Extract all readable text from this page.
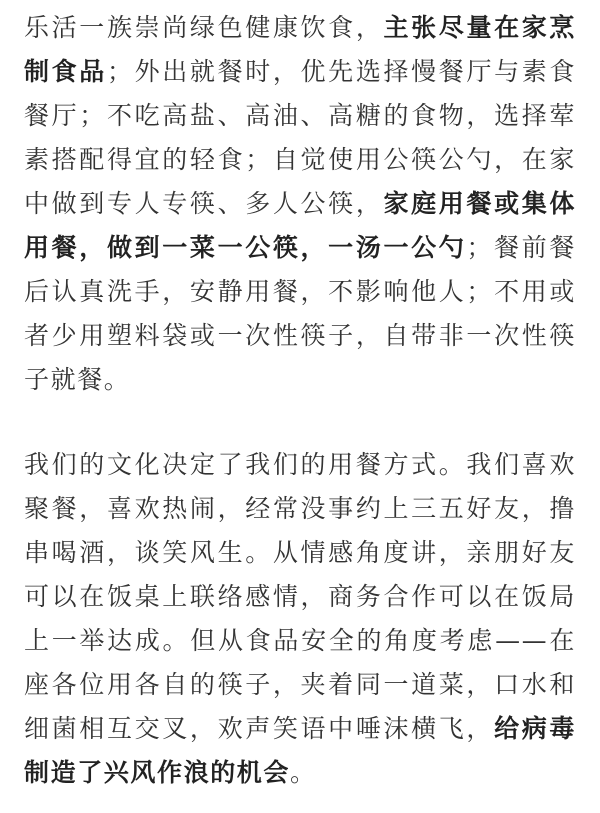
乐活一族崇尚绿色健康饮食，主张尽量在家烹制食品；外出就餐时，优先选择慢餐厅与素食餐厅；不吃高盐、高油、高糖的食物，选择荤素搭配得宜的轻食；自觉使用公筷公勺，在家中做到专人专筷、多人公筷，家庭用餐或集体用餐，做到一菜一公筷，一汤一公勺；餐前餐后认真洗手，安静用餐，不影响他人；不用或者少用塑料袋或一次性筷子，自带非一次性筷子就餐。

我们的文化决定了我们的用餐方式。我们喜欢聚餐，喜欢热闹，经常没事约上三五好友，撸串喝酒，谈笑风生。从情感角度讲，亲朋好友可以在饭桌上联络感情，商务合作可以在饭局上一举达成。但从食品安全的角度考虑——在座各位用各自的筷子，夹着同一道菜，口水和细菌相互交叉，欢声笑语中唾沫横飞，给病毒制造了兴风作浪的机会。
